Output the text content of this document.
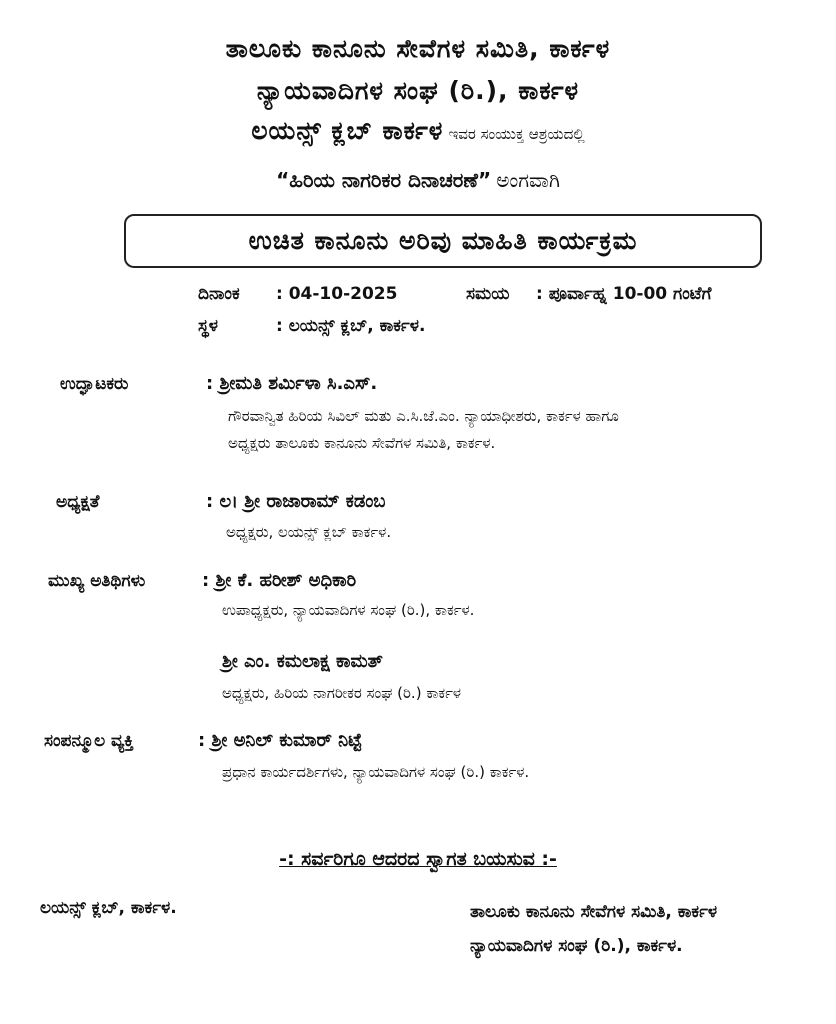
ತಾಲೂಕು ಕಾನೂನು ಸೇವೆಗಳ ಸಮಿತಿ, ಕಾರ್ಕಳ
ನ್ಯಾಯವಾದಿಗಳ ಸಂಘ (ರಿ.), ಕಾರ್ಕಳ
ಲಯನ್ಸ್ ಕ್ಲಬ್ ಕಾರ್ಕಳ ಇವರ ಸಂಯುಕ್ತ ಆಶ್ರಯದಲ್ಲಿ
“ಹಿರಿಯ ನಾಗರಿಕರ ದಿನಾಚರಣೆ” ಅಂಗವಾಗಿ
ಉಚಿತ ಕಾನೂನು ಅರಿವು ಮಾಹಿತಿ ಕಾರ್ಯಕ್ರಮ
ದಿನಾಂಕ : 04-10-2025	ಸಮಯ : ಪೂರ್ವಾಹ್ನ 10-00 ಗಂಟೆಗೆ
ಸ್ಥಳ	: ಲಯನ್ಸ್ ಕ್ಲಬ್, ಕಾರ್ಕಳ.
ಉದ್ಘಾಟಕರು	: ಶ್ರೀಮತಿ ಶರ್ಮಿಳಾ ಸಿ.ಎಸ್.
ಗೌರವಾನ್ವಿತ ಹಿರಿಯ ಸಿವಿಲ್ ಮತು ಎ.ಸಿ.ಜೆ.ಎಂ. ನ್ಯಾಯಾಧೀಶರು, ಕಾರ್ಕಳ ಹಾಗೂ
ಅಧ್ಯಕ್ಷರು ತಾಲೂಕು ಕಾನೂನು ಸೇವೆಗಳ ಸಮಿತಿ, ಕಾರ್ಕಳ.
ಅಧ್ಯಕ್ಷತೆ	: ಲ। ಶ್ರೀ ರಾಜಾರಾಮ್ ಕಡಂಬ
ಅಧ್ಯಕ್ಷರು, ಲಯನ್ಸ್ ಕ್ಲಬ್ ಕಾರ್ಕಳ.
ಮುಖ್ಯ ಅತಿಥಿಗಳು	: ಶ್ರೀ ಕೆ. ಹರೀಶ್ ಅಧಿಕಾರಿ
ಉಪಾಧ್ಯಕ್ಷರು, ನ್ಯಾಯವಾದಿಗಳ ಸಂಘ (ರಿ.), ಕಾರ್ಕಳ.
ಶ್ರೀ ಎಂ. ಕಮಲಾಕ್ಷ ಕಾಮತ್
ಅಧ್ಯಕ್ಷರು, ಹಿರಿಯ ನಾಗರೀಕರ ಸಂಘ (ರಿ.) ಕಾರ್ಕಳ
ಸಂಪನ್ಮೂಲ ವ್ಯಕ್ತಿ	: ಶ್ರೀ ಅನಿಲ್ ಕುಮಾರ್ ನಿಟ್ಟೆ
ಪ್ರಧಾನ ಕಾರ್ಯದರ್ಶಿಗಳು, ನ್ಯಾಯವಾದಿಗಳ ಸಂಘ (ರಿ.) ಕಾರ್ಕಳ.
-: ಸರ್ವರಿಗೂ ಆದರದ ಸ್ವಾಗತ ಬಯಸುವ :-
ಲಯನ್ಸ್ ಕ್ಲಬ್, ಕಾರ್ಕಳ.	ತಾಲೂಕು ಕಾನೂನು ಸೇವೆಗಳ ಸಮಿತಿ, ಕಾರ್ಕಳ
ನ್ಯಾಯವಾದಿಗಳ ಸಂಘ (ರಿ.), ಕಾರ್ಕಳ.
